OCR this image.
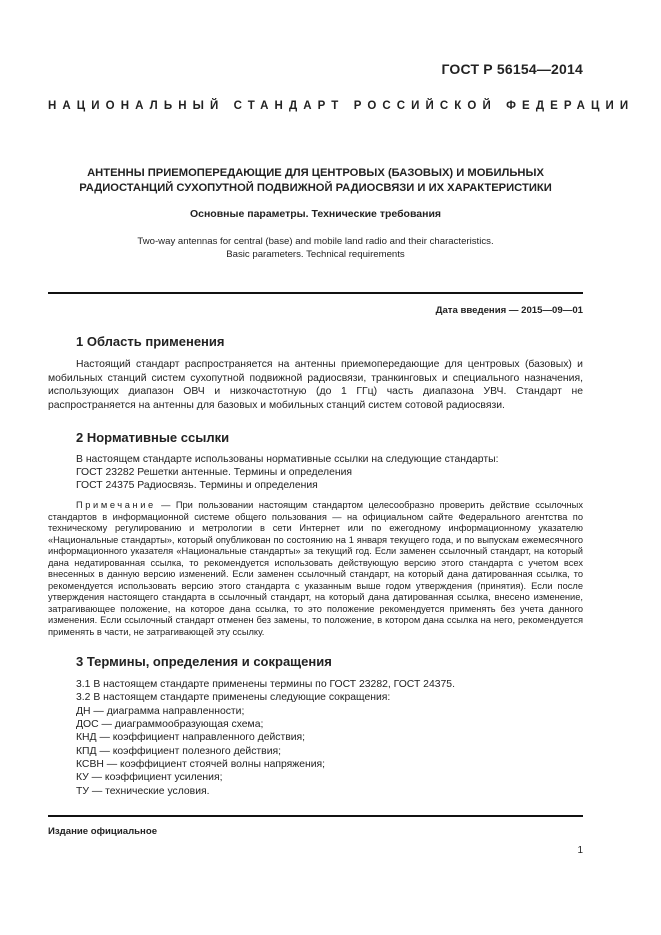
ГОСТ Р 56154—2014
НАЦИОНАЛЬНЫЙ СТАНДАРТ РОССИЙСКОЙ ФЕДЕРАЦИИ
АНТЕННЫ ПРИЕМОПЕРЕДАЮЩИЕ ДЛЯ ЦЕНТРОВЫХ (БАЗОВЫХ) И МОБИЛЬНЫХ
РАДИОСТАНЦИЙ СУХОПУТНОЙ ПОДВИЖНОЙ РАДИОСВЯЗИ И ИХ ХАРАКТЕРИСТИКИ
Основные параметры. Технические требования
Two-way antennas for central (base) and mobile land radio and their characteristics.
Basic parameters. Technical requirements
Дата введения — 2015—09—01
1 Область применения
Настоящий стандарт распространяется на антенны приемопередающие для центровых (базовых) и мобильных станций систем сухопутной подвижной радиосвязи, транкинговых и специального назначения, использующих диапазон ОВЧ и низкочастотную (до 1 ГГц) часть диапазона УВЧ. Стандарт не распространяется на антенны для базовых и мобильных станций систем сотовой радиосвязи.
2 Нормативные ссылки
В настоящем стандарте использованы нормативные ссылки на следующие стандарты:
ГОСТ 23282 Решетки антенные. Термины и определения
ГОСТ 24375 Радиосвязь. Термины и определения
Примечание — При пользовании настоящим стандартом целесообразно проверить действие ссылочных стандартов в информационной системе общего пользования — на официальном сайте Федерального агентства по техническому регулированию и метрологии в сети Интернет или по ежегодному информационному указателю «Национальные стандарты», который опубликован по состоянию на 1 января текущего года, и по выпускам ежемесячного информационного указателя «Национальные стандарты» за текущий год. Если заменен ссылочный стандарт, на который дана недатированная ссылка, то рекомендуется использовать действующую версию этого стандарта с учетом всех внесенных в данную версию изменений. Если заменен ссылочный стандарт, на который дана датированная ссылка, то рекомендуется использовать версию этого стандарта с указанным выше годом утверждения (принятия). Если после утверждения настоящего стандарта в ссылочный стандарт, на который дана датированная ссылка, внесено изменение, затрагивающее положение, на которое дана ссылка, то это положение рекомендуется применять без учета данного изменения. Если ссылочный стандарт отменен без замены, то положение, в котором дана ссылка на него, рекомендуется применять в части, не затрагивающей эту ссылку.
3 Термины, определения и сокращения
3.1 В настоящем стандарте применены термины по ГОСТ 23282, ГОСТ 24375.
3.2 В настоящем стандарте применены следующие сокращения:
ДН — диаграмма направленности;
ДОС — диаграммообразующая схема;
КНД — коэффициент направленного действия;
КПД — коэффициент полезного действия;
КСВН — коэффициент стоячей волны напряжения;
КУ — коэффициент усиления;
ТУ — технические условия.
Издание официальное
1
